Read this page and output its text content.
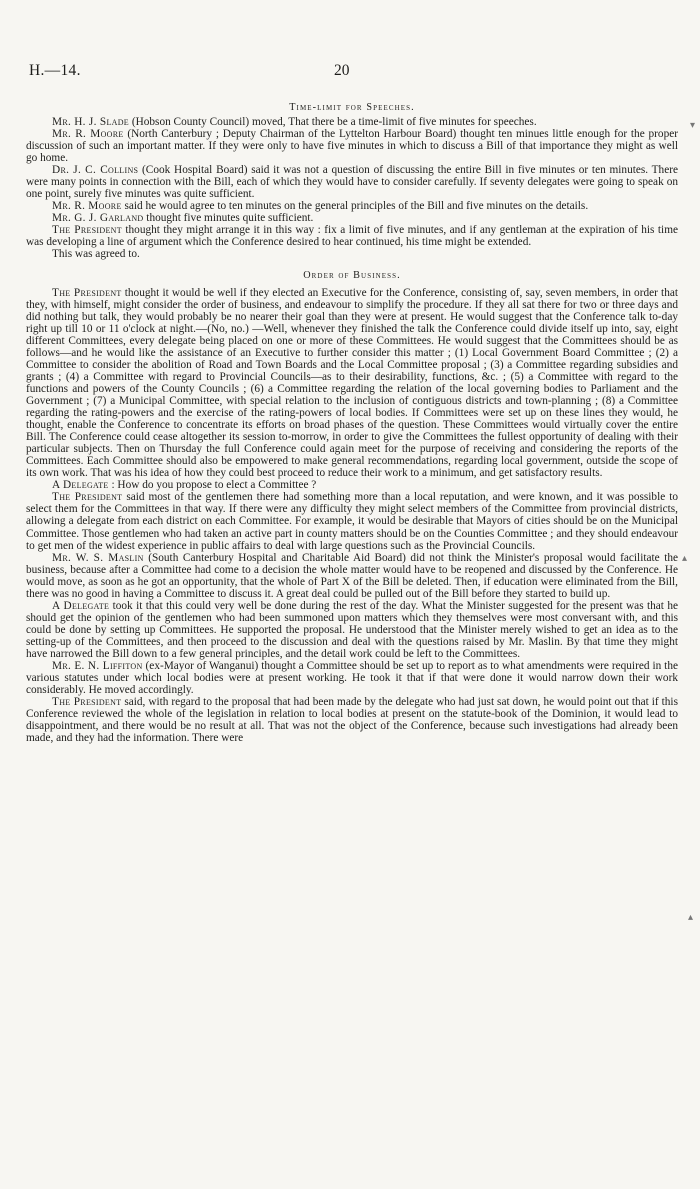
H.—14.	20
Time-limit for Speeches.

Mr. H. J. Slade (Hobson County Council) moved, That there be a time-limit of five minutes for speeches.

Mr. R. Moore (North Canterbury ; Deputy Chairman of the Lyttelton Harbour Board) thought ten minues little enough for the proper discussion of such an important matter. If they were only to have five minutes in which to discuss a Bill of that importance they might as well go home.

Dr. J. C. Collins (Cook Hospital Board) said it was not a question of discussing the entire Bill in five minutes or ten minutes. There were many points in connection with the Bill, each of which they would have to consider carefully. If seventy delegates were going to speak on one point, surely five minutes was quite sufficient.

Mr. R. Moore said he would agree to ten minutes on the general principles of the Bill and five minutes on the details.

Mr. G. J. Garland thought five minutes quite sufficient.

The President thought they might arrange it in this way : fix a limit of five minutes, and if any gentleman at the expiration of his time was developing a line of argument which the Conference desired to hear continued, his time might be extended.

This was agreed to.

Order of Business.

The President thought it would be well if they elected an Executive for the Conference, consisting of, say, seven members, in order that they, with himself, might consider the order of business, and endeavour to simplify the procedure. If they all sat there for two or three days and did nothing but talk, they would probably be no nearer their goal than they were at present. He would suggest that the Conference talk to-day right up till 10 or 11 o'clock at night.—(No, no.) —Well, whenever they finished the talk the Conference could divide itself up into, say, eight different Committees, every delegate being placed on one or more of these Committees. He would suggest that the Committees should be as follows—and he would like the assistance of an Executive to further consider this matter ; (1) Local Government Board Committee ; (2) a Committee to consider the abolition of Road and Town Boards and the Local Committee proposal ; (3) a Committee regarding subsidies and grants ; (4) a Committee with regard to Provincial Councils—as to their desirability, functions, &c. ; (5) a Committee with regard to the functions and powers of the County Councils ; (6) a Committee regarding the relation of the local governing bodies to Parliament and the Government ; (7) a Municipal Committee, with special relation to the inclusion of contiguous districts and town-planning ; (8) a Committee regarding the rating-powers and the exercise of the rating-powers of local bodies. If Committees were set up on these lines they would, he thought, enable the Conference to concentrate its efforts on broad phases of the question. These Committees would virtually cover the entire Bill. The Conference could cease altogether its session to-morrow, in order to give the Committees the fullest opportunity of dealing with their particular subjects. Then on Thursday the full Conference could again meet for the purpose of receiving and considering the reports of the Committees. Each Committee should also be empowered to make general recommendations, regarding local government, outside the scope of its own work. That was his idea of how they could best proceed to reduce their work to a minimum, and get satisfactory results.

A Delegate : How do you propose to elect a Committee ?

The President said most of the gentlemen there had something more than a local reputation, and were known, and it was possible to select them for the Committees in that way. If there were any difficulty they might select members of the Committee from provincial districts, allowing a delegate from each district on each Committee. For example, it would be desirable that Mayors of cities should be on the Municipal Committee. Those gentlemen who had taken an active part in county matters should be on the Counties Committee ; and they should endeavour to get men of the widest experience in public affairs to deal with large questions such as the Provincial Councils.

Mr. W. S. Maslin (South Canterbury Hospital and Charitable Aid Board) did not think the Minister's proposal would facilitate the business, because after a Committee had come to a decision the whole matter would have to be reopened and discussed by the Conference. He would move, as soon as he got an opportunity, that the whole of Part X of the Bill be deleted. Then, if education were eliminated from the Bill, there was no good in having a Committee to discuss it. A great deal could be pulled out of the Bill before they started to build up.

A Delegate took it that this could very well be done during the rest of the day. What the Minister suggested for the present was that he should get the opinion of the gentlemen who had been summoned upon matters which they themselves were most conversant with, and this could be done by setting up Committees. He supported the proposal. He understood that the Minister merely wished to get an idea as to the setting-up of the Committees, and then proceed to the discussion and deal with the questions raised by Mr. Maslin. By that time they might have narrowed the Bill down to a few general principles, and the detail work could be left to the Committees.

Mr. E. N. Liffiton (ex-Mayor of Wanganui) thought a Committee should be set up to report as to what amendments were required in the various statutes under which local bodies were at present working. He took it that if that were done it would narrow down their work considerably. He moved accordingly.

The President said, with regard to the proposal that had been made by the delegate who had just sat down, he would point out that if this Conference reviewed the whole of the legislation in relation to local bodies at present on the statute-book of the Dominion, it would lead to disappointment, and there would be no result at all. That was not the object of the Conference, because such investigations had already been made, and they had the information. There were

▾
▴
▴
